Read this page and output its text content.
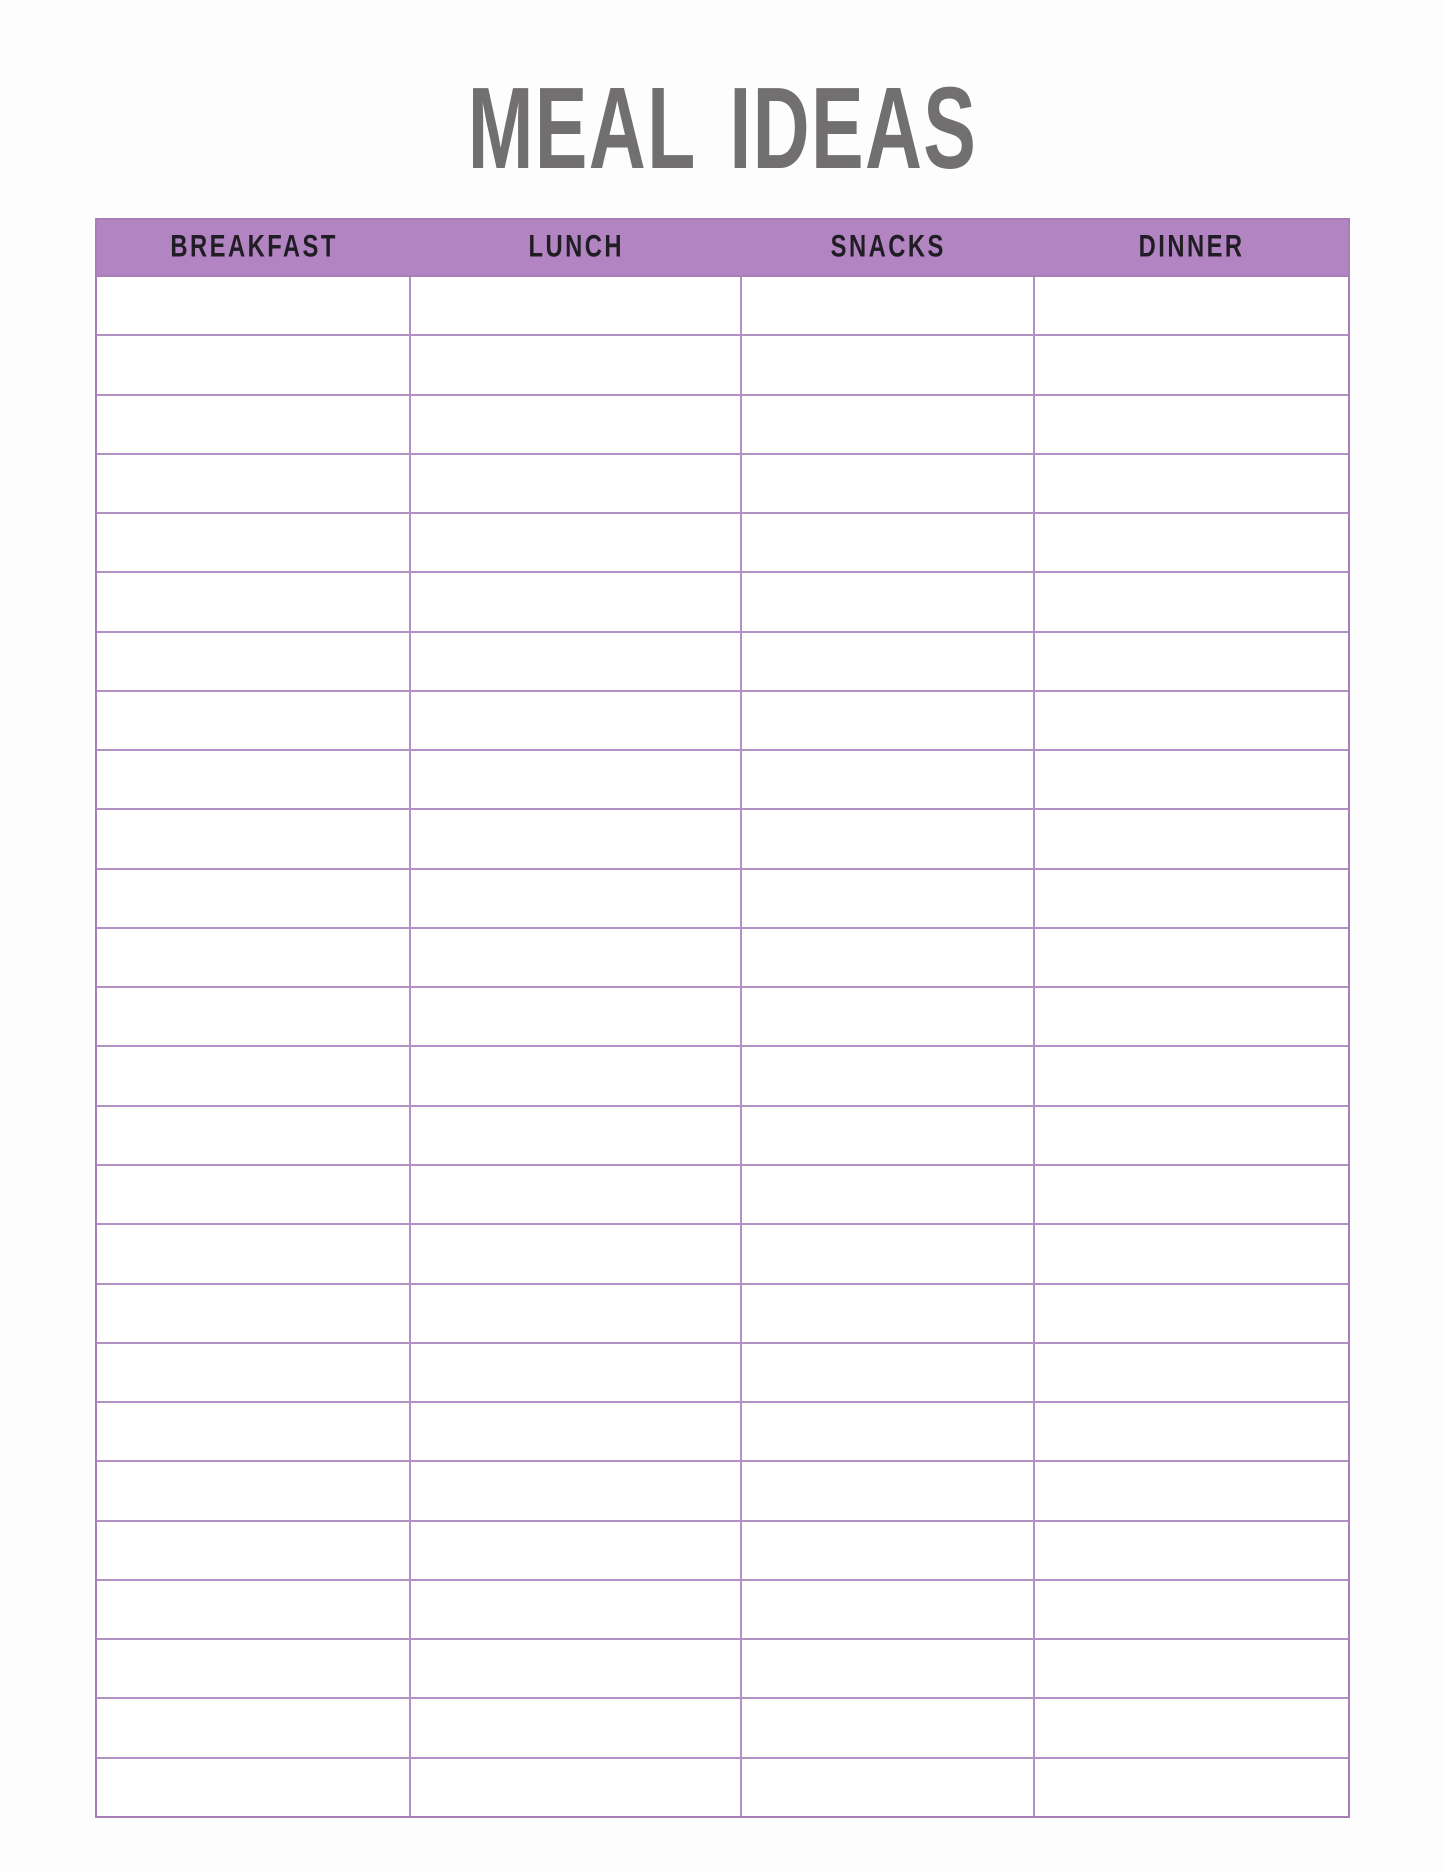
MEAL IDEAS
BREAKFAST	LUNCH	SNACKS	DINNER
